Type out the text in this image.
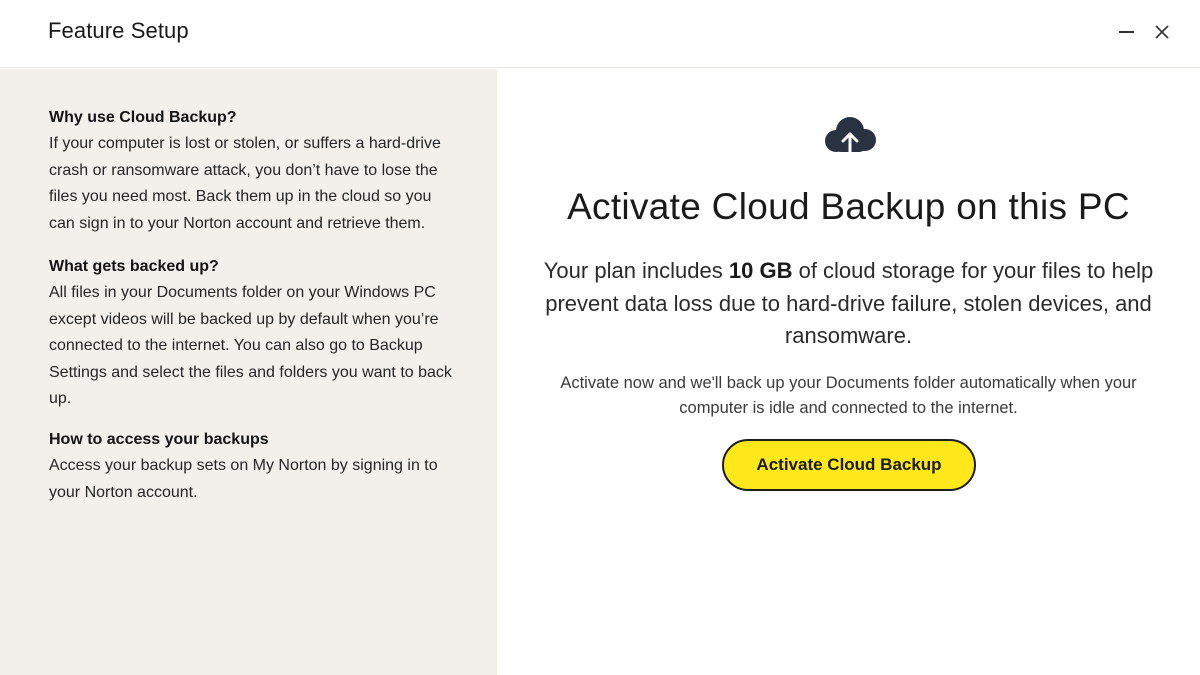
Feature Setup
Why use Cloud Backup?

If your computer is lost or stolen, or suffers a hard-drive crash or ransomware attack, you don’t have to lose the files you need most. Back them up in the cloud so you can sign in to your Norton account and retrieve them.

What gets backed up?

All files in your Documents folder on your Windows PC except videos will be backed up by default when you’re connected to the internet. You can also go to Backup Settings and select the files and folders you want to back up.

How to access your backups

Access your backup sets on My Norton by signing in to your Norton account.

Activate Cloud Backup on this PC
Your plan includes 10 GB of cloud storage for your files to help prevent data loss due to hard-drive failure, stolen devices, and ransomware.
Activate now and we'll back up your Documents folder automatically when your computer is idle and connected to the internet.
Activate Cloud Backup
